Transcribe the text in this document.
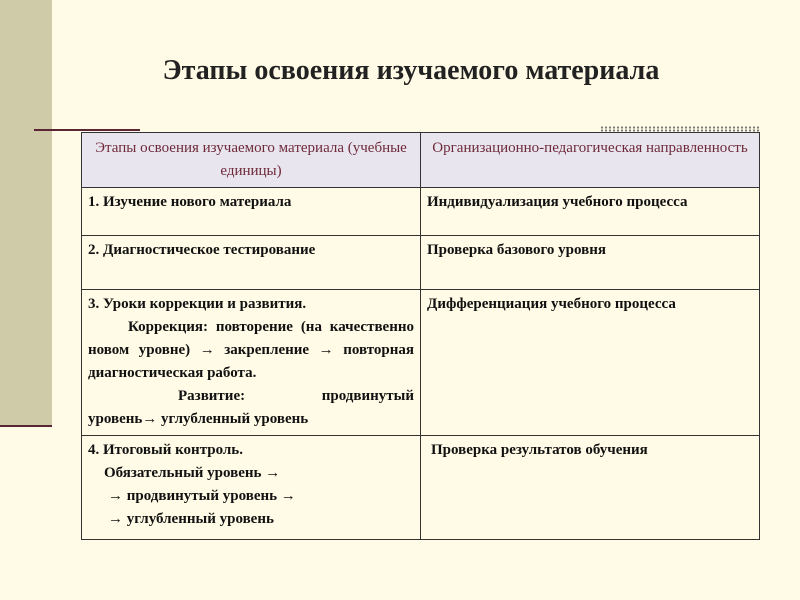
Этапы освоения изучаемого материала
Этапы освоения изучаемого материала (учебные единицы)	Организационно-педагогическая направленность
1. Изучение нового материала	Индивидуализация учебного процесса
2. Диагностическое тестирование	Проверка базового уровня

3. Уроки коррекции и развития.
Коррекция: повторение (на качественно новом уровне) → закрепление → повторная диагностическая работа.
Развитие: продвинутый уровень→ углубленный уровень	Дифференциация учебного процесса

4. Итоговый контроль.
Обязательный уровень →
→ продвинутый уровень →
→ углубленный уровень	Проверка результатов обучения
